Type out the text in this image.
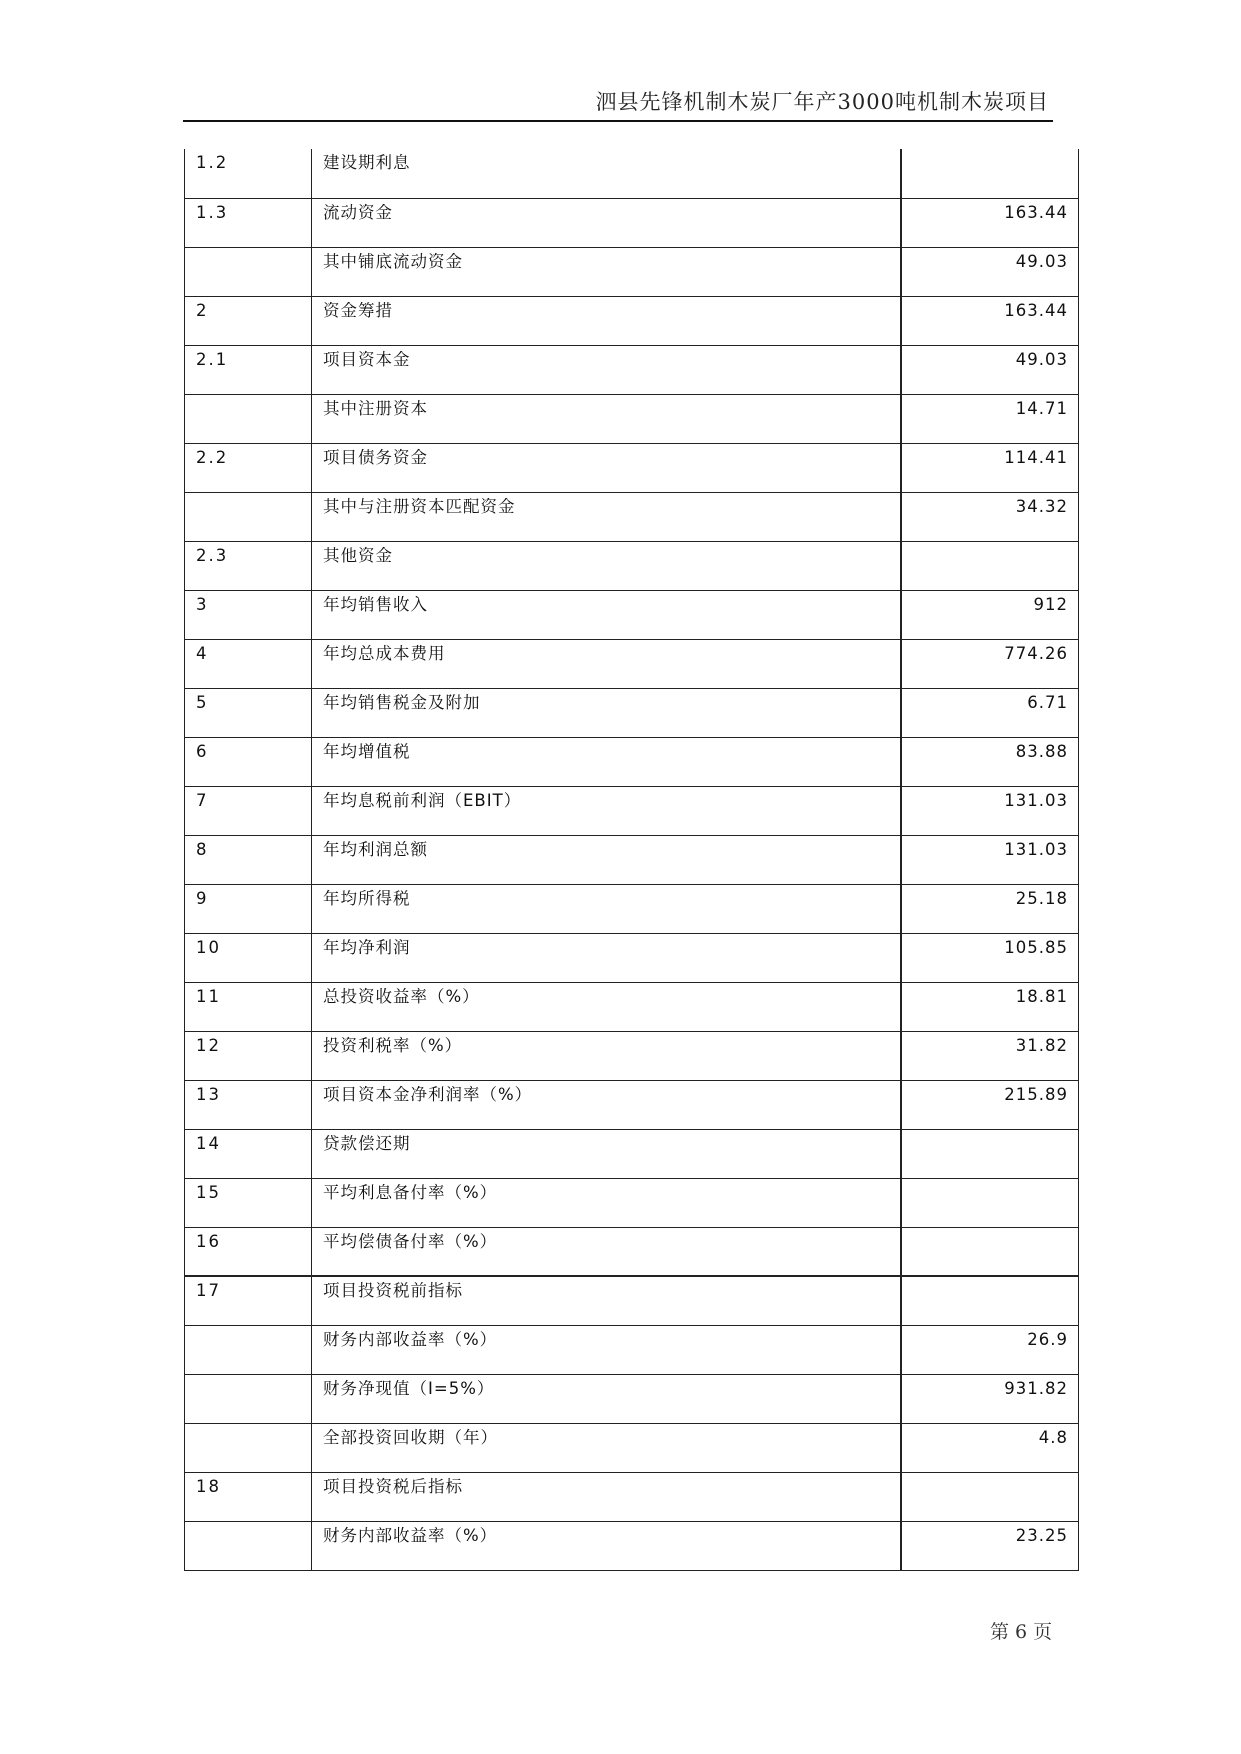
泗县先锋机制木炭厂年产3000吨机制木炭项目
1.2	建设期利息	

1.3	流动资金	163.44

	其中铺底流动资金	49.03

2	资金筹措	163.44

2.1	项目资本金	49.03

	其中注册资本	14.71

2.2	项目债务资金	114.41

	其中与注册资本匹配资金	34.32

2.3	其他资金	

3	年均销售收入	912

4	年均总成本费用	774.26

5	年均销售税金及附加	6.71

6	年均增值税	83.88

7	年均息税前利润（EBIT）	131.03

8	年均利润总额	131.03

9	年均所得税	25.18

10	年均净利润	105.85

11	总投资收益率（%）	18.81

12	投资利税率（%）	31.82

13	项目资本金净利润率（%）	215.89

14	贷款偿还期	

15	平均利息备付率（%）	

16	平均偿债备付率（%）	

17	项目投资税前指标	

	财务内部收益率（%）	26.9

	财务净现值（I=5%）	931.82

	全部投资回收期（年）	4.8

18	项目投资税后指标	

	财务内部收益率（%）	23.25
第 6 页
